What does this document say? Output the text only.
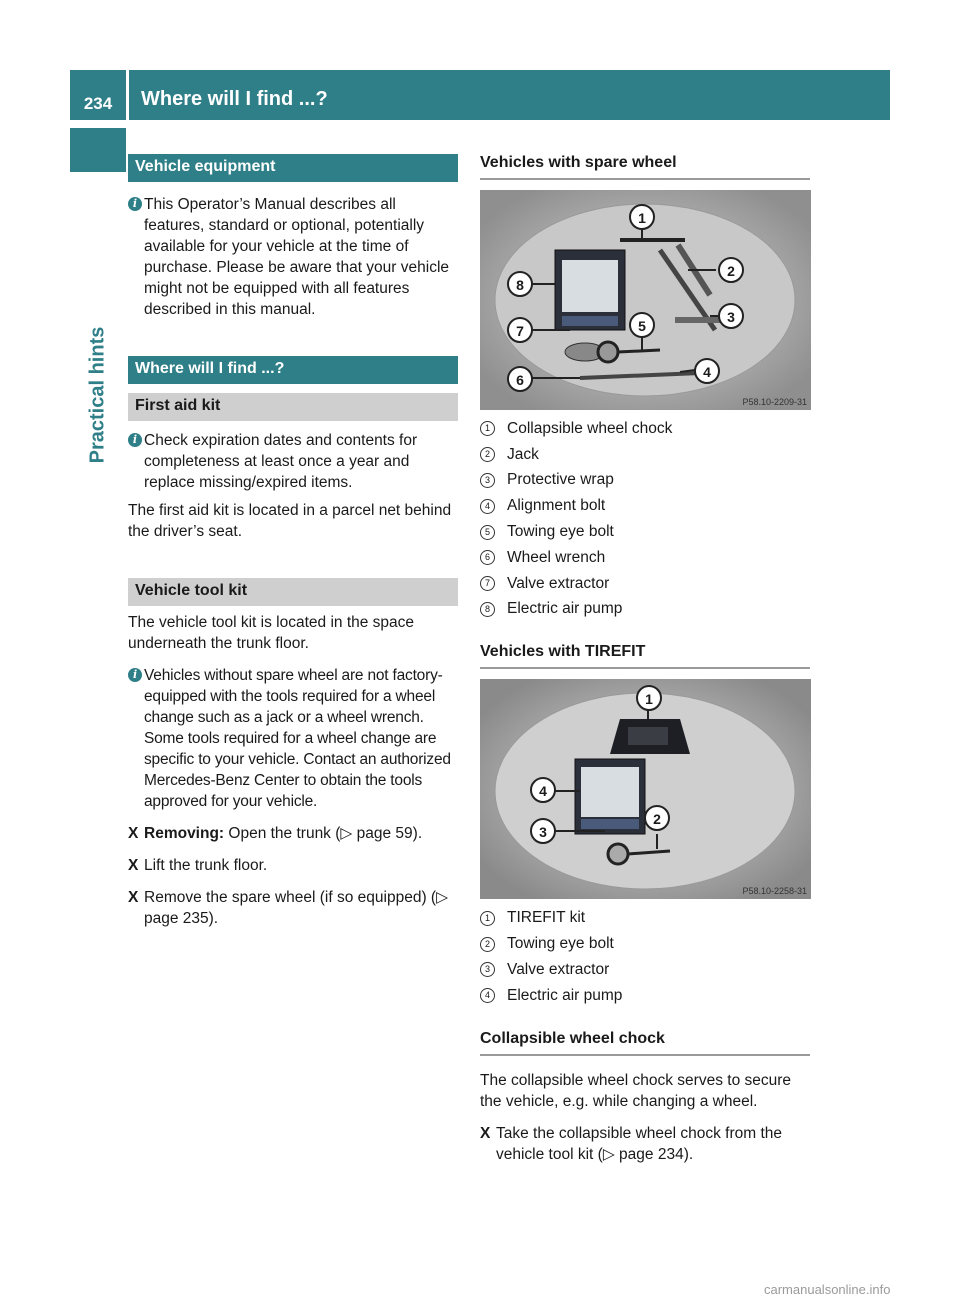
234	Where will I find ...?
Practical hints
Vehicle equipment
i This Operator’s Manual describes all features, standard or optional, potentially available for your vehicle at the time of purchase. Please be aware that your vehicle might not be equipped with all features described in this manual.
Where will I find ...?
First aid kit
i Check expiration dates and contents for completeness at least once a year and replace missing/expired items.

The first aid kit is located in a parcel net behind the driver’s seat.

Vehicle tool kit

The vehicle tool kit is located in the space underneath the trunk floor.

i Vehicles without spare wheel are not factory-equipped with the tools required for a wheel change such as a jack or a wheel wrench. Some tools required for a wheel change are specific to your vehicle. Contact an authorized Mercedes-Benz Center to obtain the tools approved for your vehicle.
X Removing: Open the trunk (▷ page 59).
X Lift the trunk floor.
X Remove the spare wheel (if so equipped) (▷ page 235).
Vehicles with spare wheel
1
2
3
4
5
6
7
8
P58.10-2209-31
1	Collapsible wheel chock
2	Jack
3	Protective wrap
4	Alignment bolt
5	Towing eye bolt
6	Wheel wrench
7	Valve extractor
8	Electric air pump
Vehicles with TIREFIT
1
2
3
4
P58.10-2258-31
1	TIREFIT kit
2	Towing eye bolt
3	Valve extractor
4	Electric air pump
Collapsible wheel chock

The collapsible wheel chock serves to secure the vehicle, e.g. while changing a wheel.

X Take the collapsible wheel chock from the vehicle tool kit (▷ page 234).
carmanualsonline.info
